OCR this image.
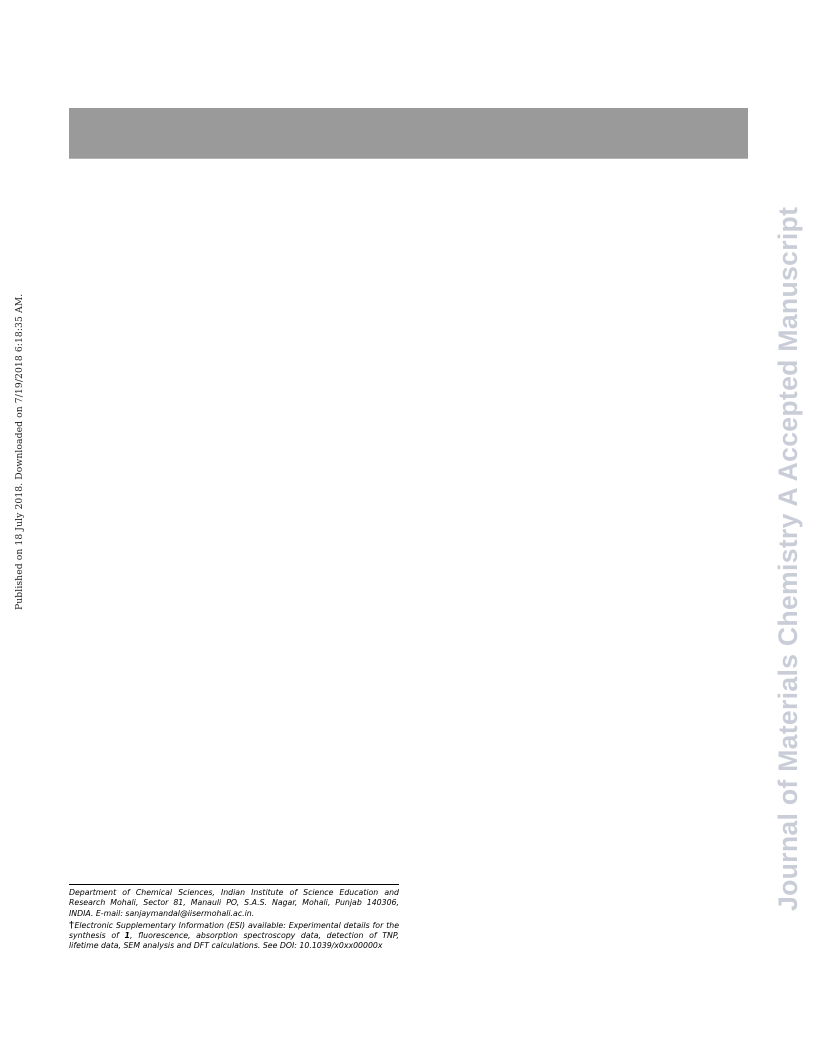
Published on 18 July 2018. Downloaded on 7/19/2018 6:18:35 AM.	Journal of Materials Chemistry A Accepted Manuscript

Department of Chemical Sciences, Indian Institute of Science Education and Research Mohali, Sector 81, Manauli PO, S.A.S. Nagar, Mohali, Punjab 140306, INDIA. E-mail: sanjaymandal@iisermohali.ac.in.

†Electronic Supplementary Information (ESI) available: Experimental details for the synthesis of 1, fluorescence, absorption spectroscopy data, detection of TNP, lifetime data, SEM analysis and DFT calculations. See DOI: 10.1039/x0xx00000x
